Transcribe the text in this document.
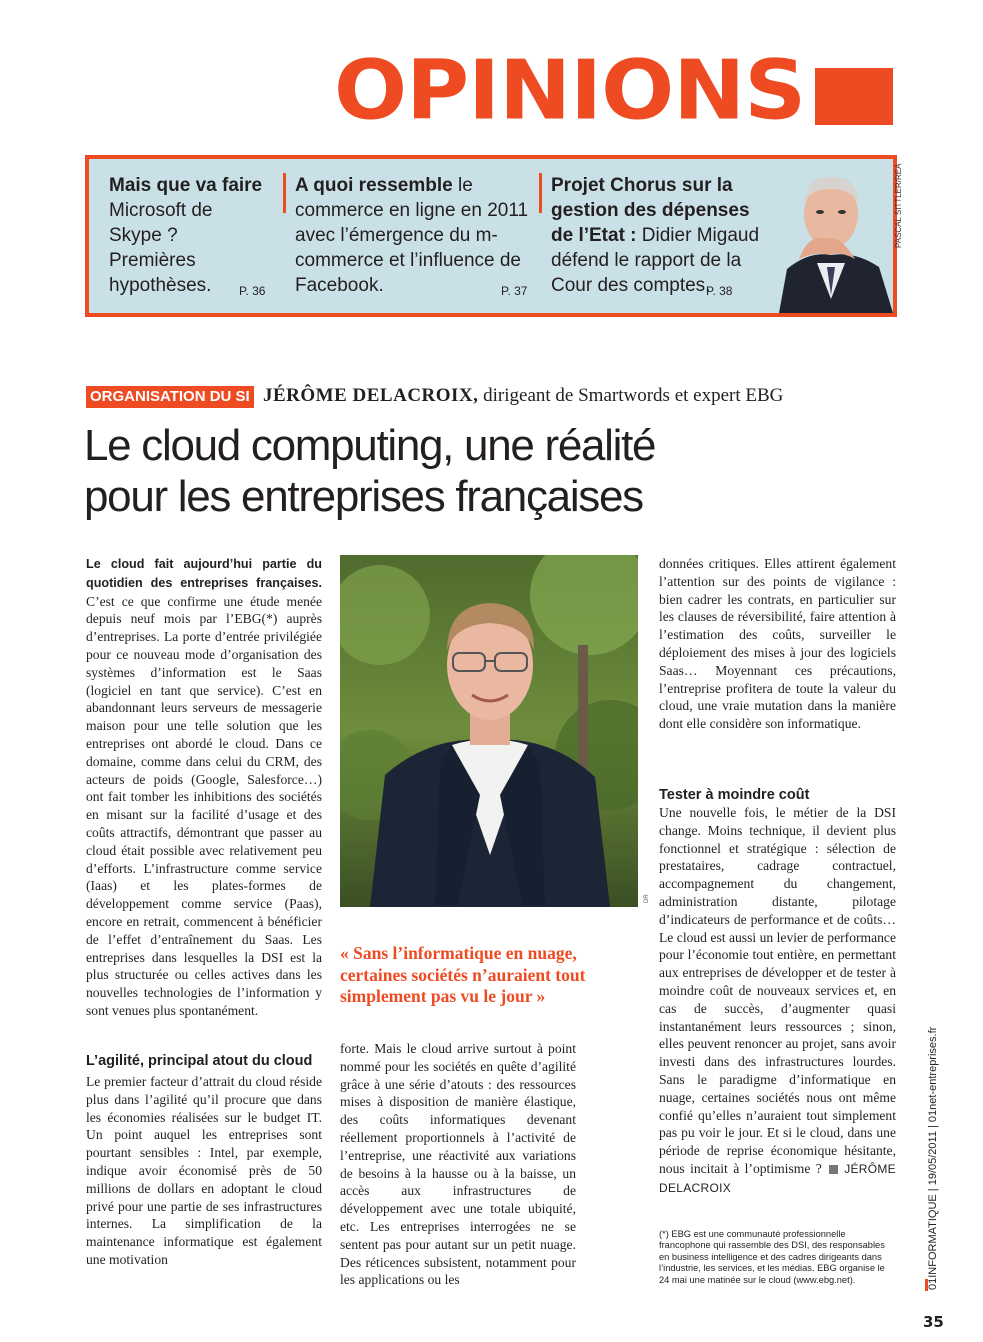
OPINIONS
Mais que va faire Microsoft de Skype ? Premières hypothèses. P. 36
A quoi ressemble le commerce en ligne en 2011 avec l’émergence du m-commerce et l’influence de Facebook.	P. 37
Projet Chorus sur la gestion des dépenses de l’Etat : Didier Migaud défend le rapport de la Cour des comptes.
P. 38
PASCAL SITTLER/REA
ORGANISATION DU SI JÉRÔME DELACROIX, dirigeant de Smartwords et expert EBG
Le cloud computing, une réalité
pour les entreprises françaises

Le cloud fait aujourd’hui partie du quotidien des entreprises françaises. C’est ce que confirme une étude menée depuis neuf mois par l’EBG(*) auprès d’entreprises. La porte d’entrée privilégiée pour ce nouveau mode d’organisation des systèmes d’information est le Saas (logiciel en tant que service). C’est en abandonnant leurs serveurs de messagerie maison pour une telle solution que les entreprises ont abordé le cloud. Dans ce domaine, comme dans celui du CRM, des acteurs de poids (Google, Salesforce…) ont fait tomber les inhibitions des sociétés en misant sur la facilité d’usage et des coûts attractifs, démontrant que passer au cloud était possible avec relativement peu d’efforts. L’infrastructure comme service (Iaas) et les plates-formes de développement comme service (Paas), encore en retrait, commencent à bénéficier de l’effet d’entraînement du Saas. Les entreprises dans lesquelles la DSI est la plus structurée ou celles actives dans les nouvelles technologies de l’information y sont venues plus spontanément.

L’agilité, principal atout du cloud

Le premier facteur d’attrait du cloud réside plus dans l’agilité qu’il procure que dans les économies réalisées sur le budget IT. Un point auquel les entreprises sont pourtant sensibles : Intel, par exemple, indique avoir économisé près de 50 millions de dollars en adoptant le cloud privé pour une partie de ses infrastructures internes. La simplification de la maintenance informatique est également une motivation

DR
« Sans l’informatique en nuage, certaines sociétés n’auraient tout simplement pas vu le jour »

forte. Mais le cloud arrive surtout à point nommé pour les sociétés en quête d’agilité grâce à une série d’atouts : des ressources mises à disposition de manière élastique, des coûts informatiques devenant réellement proportionnels à l’activité de l’entreprise, une réactivité aux variations de besoins à la hausse ou à la baisse, un accès aux infrastructures de développement avec une totale ubiquité, etc. Les entreprises interrogées ne se sentent pas pour autant sur un petit nuage. Des réticences subsistent, notamment pour les applications ou les

données critiques. Elles attirent également l’attention sur des points de vigilance : bien cadrer les contrats, en particulier sur les clauses de réversibilité, faire attention à l’estimation des coûts, surveiller le déploiement des mises à jour des logiciels Saas… Moyennant ces précautions, l’entreprise profitera de toute la valeur du cloud, une vraie mutation dans la manière dont elle considère son informatique.

Tester à moindre coût

Une nouvelle fois, le métier de la DSI change. Moins technique, il devient plus fonctionnel et stratégique : sélection de prestataires, cadrage contractuel, accompagnement du changement, administration distante, pilotage d’indicateurs de performance et de coûts… Le cloud est aussi un levier de performance pour l’économie tout entière, en permettant aux entreprises de développer et de tester à moindre coût de nouveaux services et, en cas de succès, d’augmenter quasi instantanément leurs ressources ; sinon, elles peuvent renoncer au projet, sans avoir investi dans des infrastructures lourdes. Sans le paradigme d’informatique en nuage, certaines sociétés nous ont même confié qu’elles n’auraient tout simplement pas pu voir le jour. Et si le cloud, dans une période de reprise économique hésitante, nous incitait à l’optimisme ? JÉRÔME DELACROIX

(*) EBG est une communauté professionnelle francophone qui rassemble des DSI, des responsables en business intelligence et des cadres dirigeants dans l’industrie, les services, et les médias. EBG organise le 24 mai une matinée sur le cloud (www.ebg.net).	01INFORMATIQUE | 19/05/2011 | 01net-entreprises.fr
35
